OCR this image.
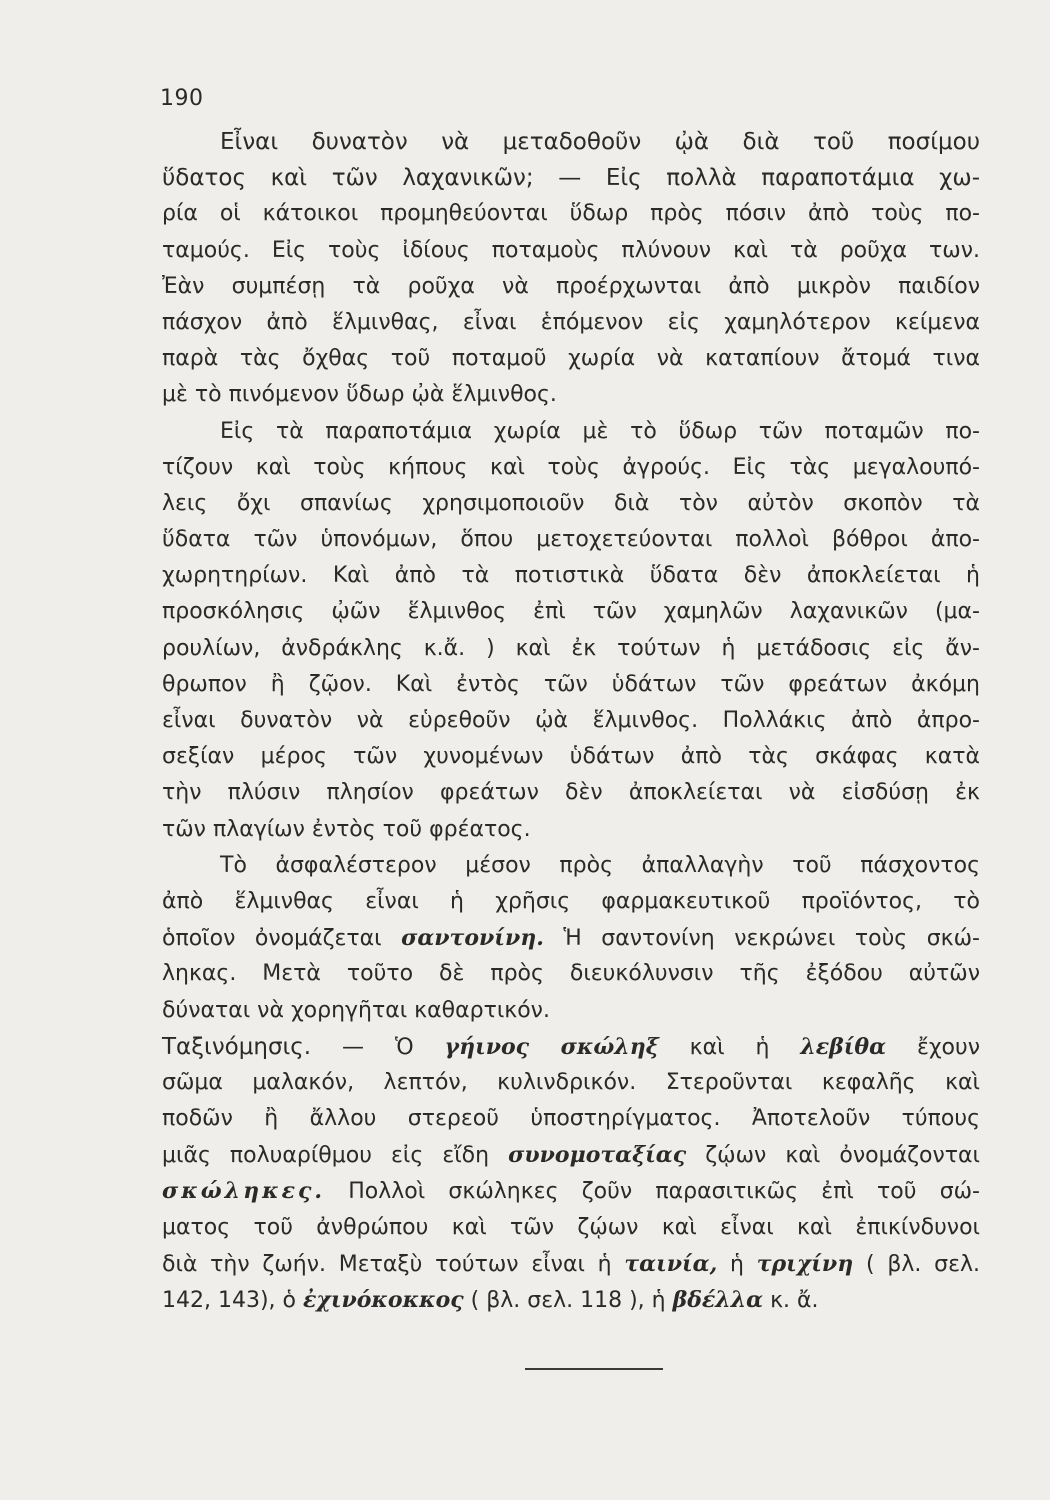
190
Εἶναι δυνατὸν νὰ μεταδοθοῦν ᾠὰ διὰ τοῦ ποσίμου
ὕδατος καὶ τῶν λαχανικῶν; — Εἰς πολλὰ παραποτάμια χω-
ρία οἱ κάτοικοι προμηθεύονται ὕδωρ πρὸς πόσιν ἀπὸ τοὺς πο-
ταμούς. Εἰς τοὺς ἰδίους ποταμοὺς πλύνουν καὶ τὰ ροῦχα των.
Ἐὰν συμπέσῃ τὰ ροῦχα νὰ προέρχωνται ἀπὸ μικρὸν παιδίον
πάσχον ἀπὸ ἕλμινθας, εἶναι ἑπόμενον εἰς χαμηλότερον κείμενα
παρὰ τὰς ὄχθας τοῦ ποταμοῦ χωρία νὰ καταπίουν ἄτομά τινα
μὲ τὸ πινόμενον ὕδωρ ᾠὰ ἕλμινθος.
Εἰς τὰ παραποτάμια χωρία μὲ τὸ ὕδωρ τῶν ποταμῶν πο-
τίζουν καὶ τοὺς κήπους καὶ τοὺς ἀγρούς. Εἰς τὰς μεγαλουπό-
λεις ὄχι σπανίως χρησιμοποιοῦν διὰ τὸν αὐτὸν σκοπὸν τὰ
ὕδατα τῶν ὑπονόμων, ὅπου μετοχετεύονται πολλοὶ βόθροι ἀπο-
χωρητηρίων. Καὶ ἀπὸ τὰ ποτιστικὰ ὕδατα δὲν ἀποκλείεται ἡ
προσκόλησις ᾠῶν ἕλμινθος ἐπὶ τῶν χαμηλῶν λαχανικῶν (μα-
ρουλίων, ἀνδράκλης κ.ἄ. ) καὶ ἐκ τούτων ἡ μετάδοσις εἰς ἄν-
θρωπον ἢ ζῷον. Καὶ ἐντὸς τῶν ὑδάτων τῶν φρεάτων ἀκόμη
εἶναι δυνατὸν νὰ εὑρεθοῦν ᾠὰ ἕλμινθος. Πολλάκις ἀπὸ ἀπρο-
σεξίαν μέρος τῶν χυνομένων ὑδάτων ἀπὸ τὰς σκάφας κατὰ
τὴν πλύσιν πλησίον φρεάτων δὲν ἀποκλείεται νὰ εἰσδύσῃ ἐκ
τῶν πλαγίων ἐντὸς τοῦ φρέατος.
Τὸ ἀσφαλέστερον μέσον πρὸς ἀπαλλαγὴν τοῦ πάσχοντος
ἀπὸ ἕλμινθας εἶναι ἡ χρῆσις φαρμακευτικοῦ προϊόντος, τὸ
ὁποῖον ὀνομάζεται σαντονίνη. Ἡ σαντονίνη νεκρώνει τοὺς σκώ-
ληκας. Μετὰ τοῦτο δὲ πρὸς διευκόλυνσιν τῆς ἐξόδου αὐτῶν
δύναται νὰ χορηγῆται καθαρτικόν.
Ταξινόμησις. — Ὁ γήινος σκώληξ καὶ ἡ λεβίθα ἔχουν
σῶμα μαλακόν, λεπτόν, κυλινδρικόν. Στεροῦνται κεφαλῆς καὶ
ποδῶν ἢ ἄλλου στερεοῦ ὑποστηρίγματος. Ἀποτελοῦν τύπους
μιᾶς πολυαρίθμου εἰς εἴδη συνομοταξίας ζῴων καὶ ὀνομάζονται
σκώληκες. Πολλοὶ σκώληκες ζοῦν παρασιτικῶς ἐπὶ τοῦ σώ-
ματος τοῦ ἀνθρώπου καὶ τῶν ζῴων καὶ εἶναι καὶ ἐπικίνδυνοι
διὰ τὴν ζωήν. Μεταξὺ τούτων εἶναι ἡ ταινία, ἡ τριχίνη ( βλ. σελ.
142, 143), ὁ ἐχινόκοκκος ( βλ. σελ. 118 ), ἡ βδέλλα κ. ἄ.
